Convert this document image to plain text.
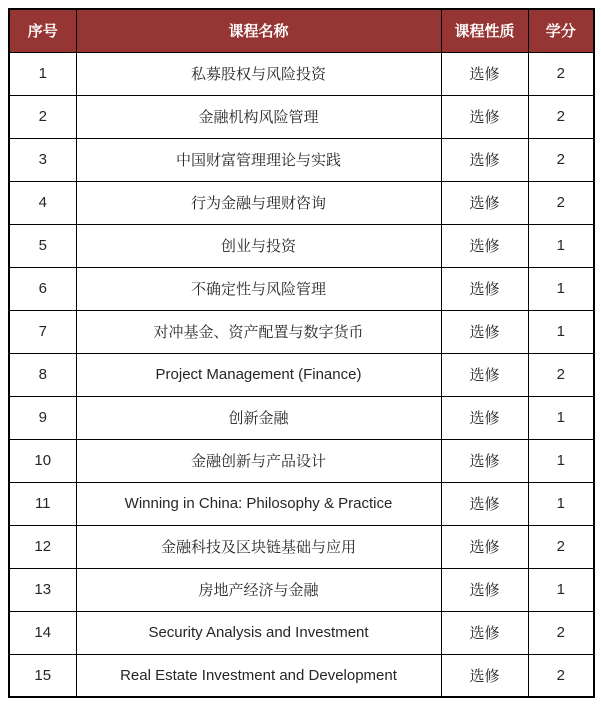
序号	课程名称	课程性质	学分
1	私募股权与风险投资	选修	2
2	金融机构风险管理	选修	2
3	中国财富管理理论与实践	选修	2
4	行为金融与理财咨询	选修	2
5	创业与投资	选修	1
6	不确定性与风险管理	选修	1
7	对冲基金、资产配置与数字货币	选修	1
8	Project Management (Finance)	选修	2
9	创新金融	选修	1
10	金融创新与产品设计	选修	1
11	Winning in China: Philosophy & Practice	选修	1
12	金融科技及区块链基础与应用	选修	2
13	房地产经济与金融	选修	1
14	Security Analysis and Investment	选修	2
15	Real Estate Investment and Development	选修	2
